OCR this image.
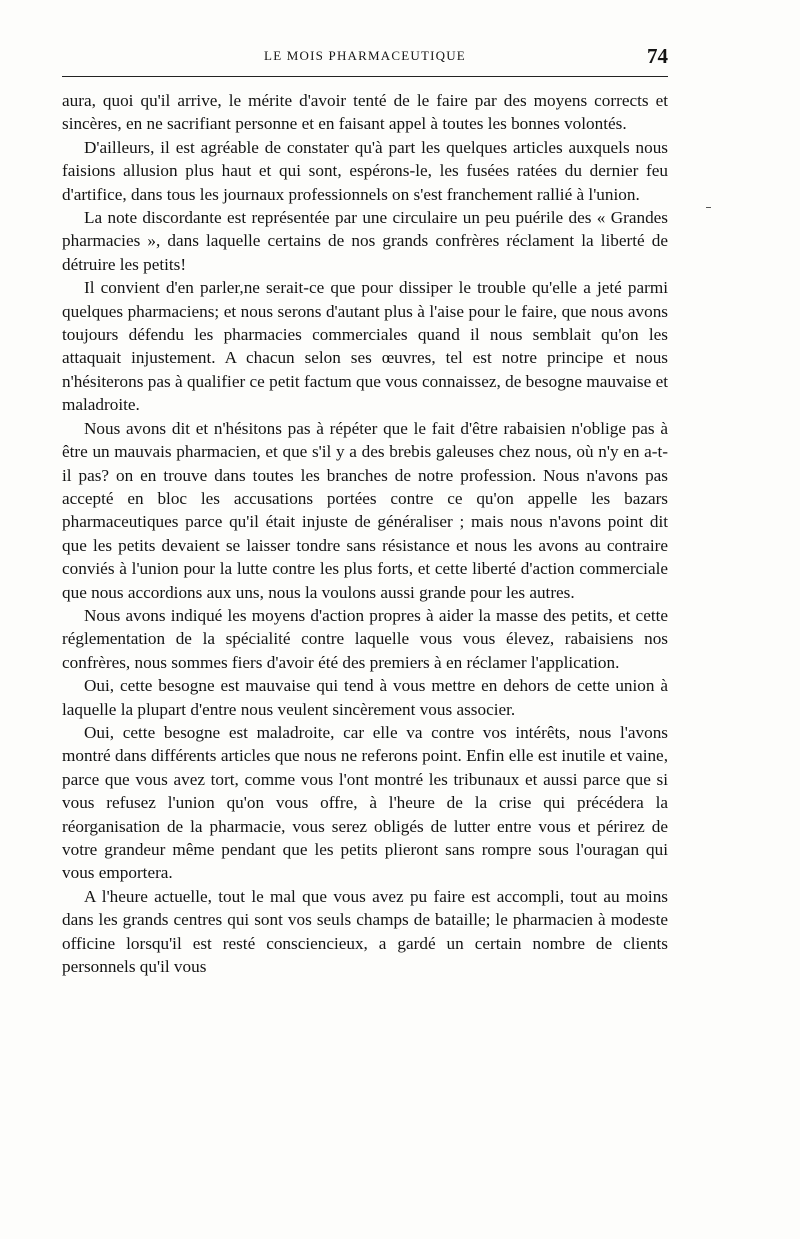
LE MOIS PHARMACEUTIQUE	74

aura, quoi qu'il arrive, le mérite d'avoir tenté de le faire par des moyens corrects et sincères, en ne sacrifiant personne et en faisant appel à toutes les bonnes volontés.

D'ailleurs, il est agréable de constater qu'à part les quelques articles auxquels nous faisions allusion plus haut et qui sont, espérons-le, les fusées ratées du dernier feu d'artifice, dans tous les journaux professionnels on s'est franchement rallié à l'union.

La note discordante est représentée par une circulaire un peu puérile des « Grandes pharmacies », dans laquelle certains de nos grands confrères réclament la liberté de détruire les petits!

Il convient d'en parler,ne serait-ce que pour dissiper le trouble qu'elle a jeté parmi quelques pharmaciens; et nous serons d'autant plus à l'aise pour le faire, que nous avons toujours défendu les pharmacies commerciales quand il nous semblait qu'on les attaquait injustement. A chacun selon ses œuvres, tel est notre principe et nous n'hésiterons pas à qualifier ce petit factum que vous connaissez, de besogne mauvaise et maladroite.

Nous avons dit et n'hésitons pas à répéter que le fait d'être rabaisien n'oblige pas à être un mauvais pharmacien, et que s'il y a des brebis galeuses chez nous, où n'y en a-t-il pas? on en trouve dans toutes les branches de notre profession. Nous n'avons pas accepté en bloc les accusations portées contre ce qu'on appelle les bazars pharmaceutiques parce qu'il était injuste de généraliser ; mais nous n'avons point dit que les petits devaient se laisser tondre sans résistance et nous les avons au contraire conviés à l'union pour la lutte contre les plus forts, et cette liberté d'action commerciale que nous accordions aux uns, nous la voulons aussi grande pour les autres.

Nous avons indiqué les moyens d'action propres à aider la masse des petits, et cette réglementation de la spécialité contre laquelle vous vous élevez, rabaisiens nos confrères, nous sommes fiers d'avoir été des premiers à en réclamer l'application.

Oui, cette besogne est mauvaise qui tend à vous mettre en dehors de cette union à laquelle la plupart d'entre nous veulent sincèrement vous associer.

Oui, cette besogne est maladroite, car elle va contre vos intérêts, nous l'avons montré dans différents articles que nous ne referons point. Enfin elle est inutile et vaine, parce que vous avez tort, comme vous l'ont montré les tribunaux et aussi parce que si vous refusez l'union qu'on vous offre, à l'heure de la crise qui précédera la réorganisation de la pharmacie, vous serez obligés de lutter entre vous et périrez de votre grandeur même pendant que les petits plieront sans rompre sous l'ouragan qui vous emportera.

A l'heure actuelle, tout le mal que vous avez pu faire est accompli, tout au moins dans les grands centres qui sont vos seuls champs de bataille; le pharmacien à modeste officine lorsqu'il est resté consciencieux, a gardé un certain nombre de clients personnels qu'il vous
